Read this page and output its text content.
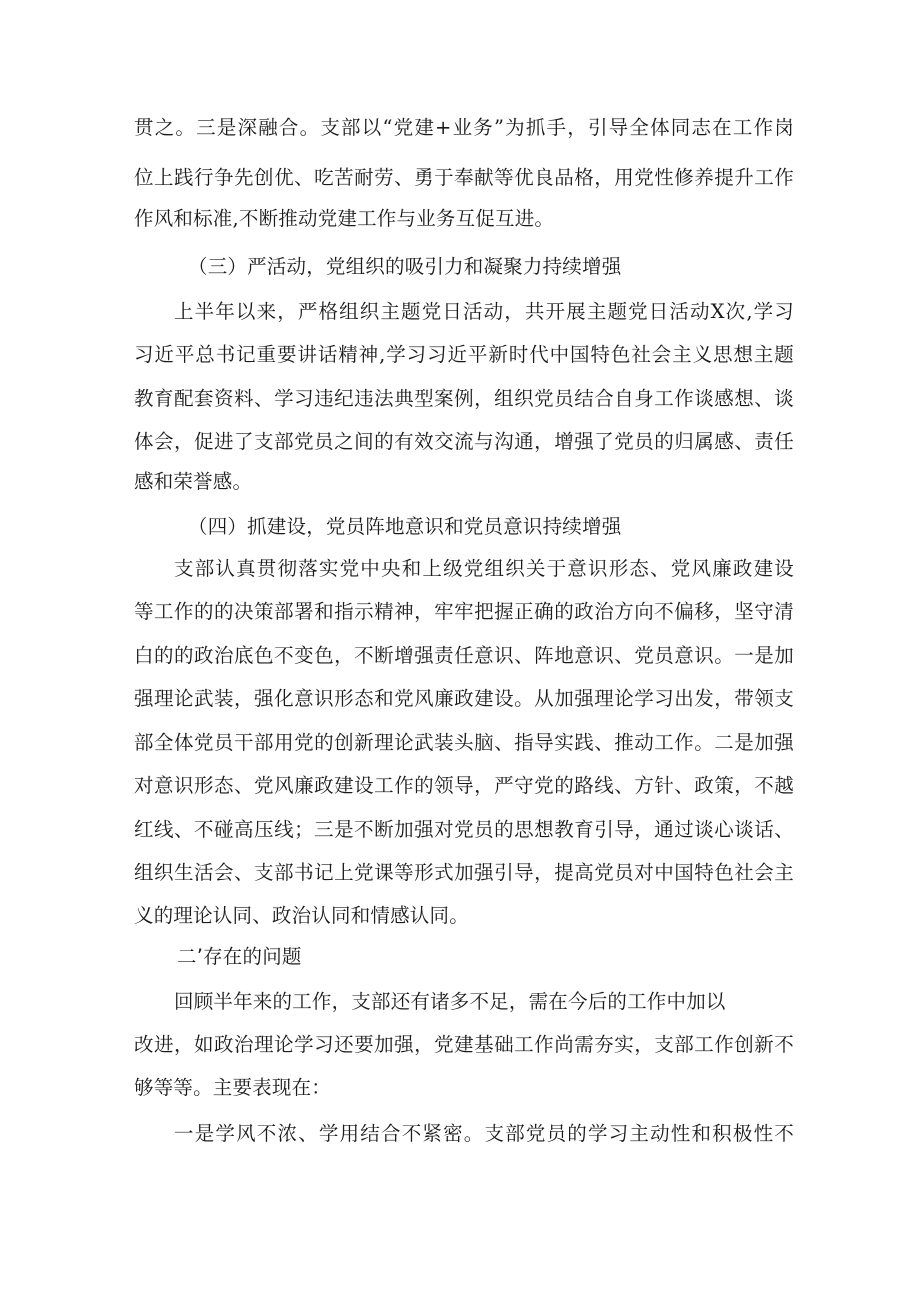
贯之。三是深融合。支部以“党建+业务”为抓手，引导全体同志在工作岗
位上践行争先创优、吃苦耐劳、勇于奉献等优良品格，用党性修养提升工作
作风和标准,不断推动党建工作与业务互促互进。
（三）严活动，党组织的吸引力和凝聚力持续增强
上半年以来，严格组织主题党日活动，共开展主题党日活动X次,学习
习近平总书记重要讲话精神,学习习近平新时代中国特色社会主义思想主题
教育配套资料、学习违纪违法典型案例，组织党员结合自身工作谈感想、谈
体会，促进了支部党员之间的有效交流与沟通，增强了党员的归属感、责任
感和荣誉感。
（四）抓建设，党员阵地意识和党员意识持续增强
支部认真贯彻落实党中央和上级党组织关于意识形态、党风廉政建设
等工作的的决策部署和指示精神，牢牢把握正确的政治方向不偏移，坚守清
白的的政治底色不变色，不断增强责任意识、阵地意识、党员意识。一是加
强理论武装，强化意识形态和党风廉政建设。从加强理论学习出发，带领支
部全体党员干部用党的创新理论武装头脑、指导实践、推动工作。二是加强
对意识形态、党风廉政建设工作的领导，严守党的路线、方针、政策，不越
红线、不碰高压线；三是不断加强对党员的思想教育引导，通过谈心谈话、
组织生活会、支部书记上党课等形式加强引导，提高党员对中国特色社会主
义的理论认同、政治认同和情感认同。
二’存在的问题
回顾半年来的工作，支部还有诸多不足，需在今后的工作中加以
改进，如政治理论学习还要加强，党建基础工作尚需夯实，支部工作创新不
够等等。主要表现在：
一是学风不浓、学用结合不紧密。支部党员的学习主动性和积极性不
